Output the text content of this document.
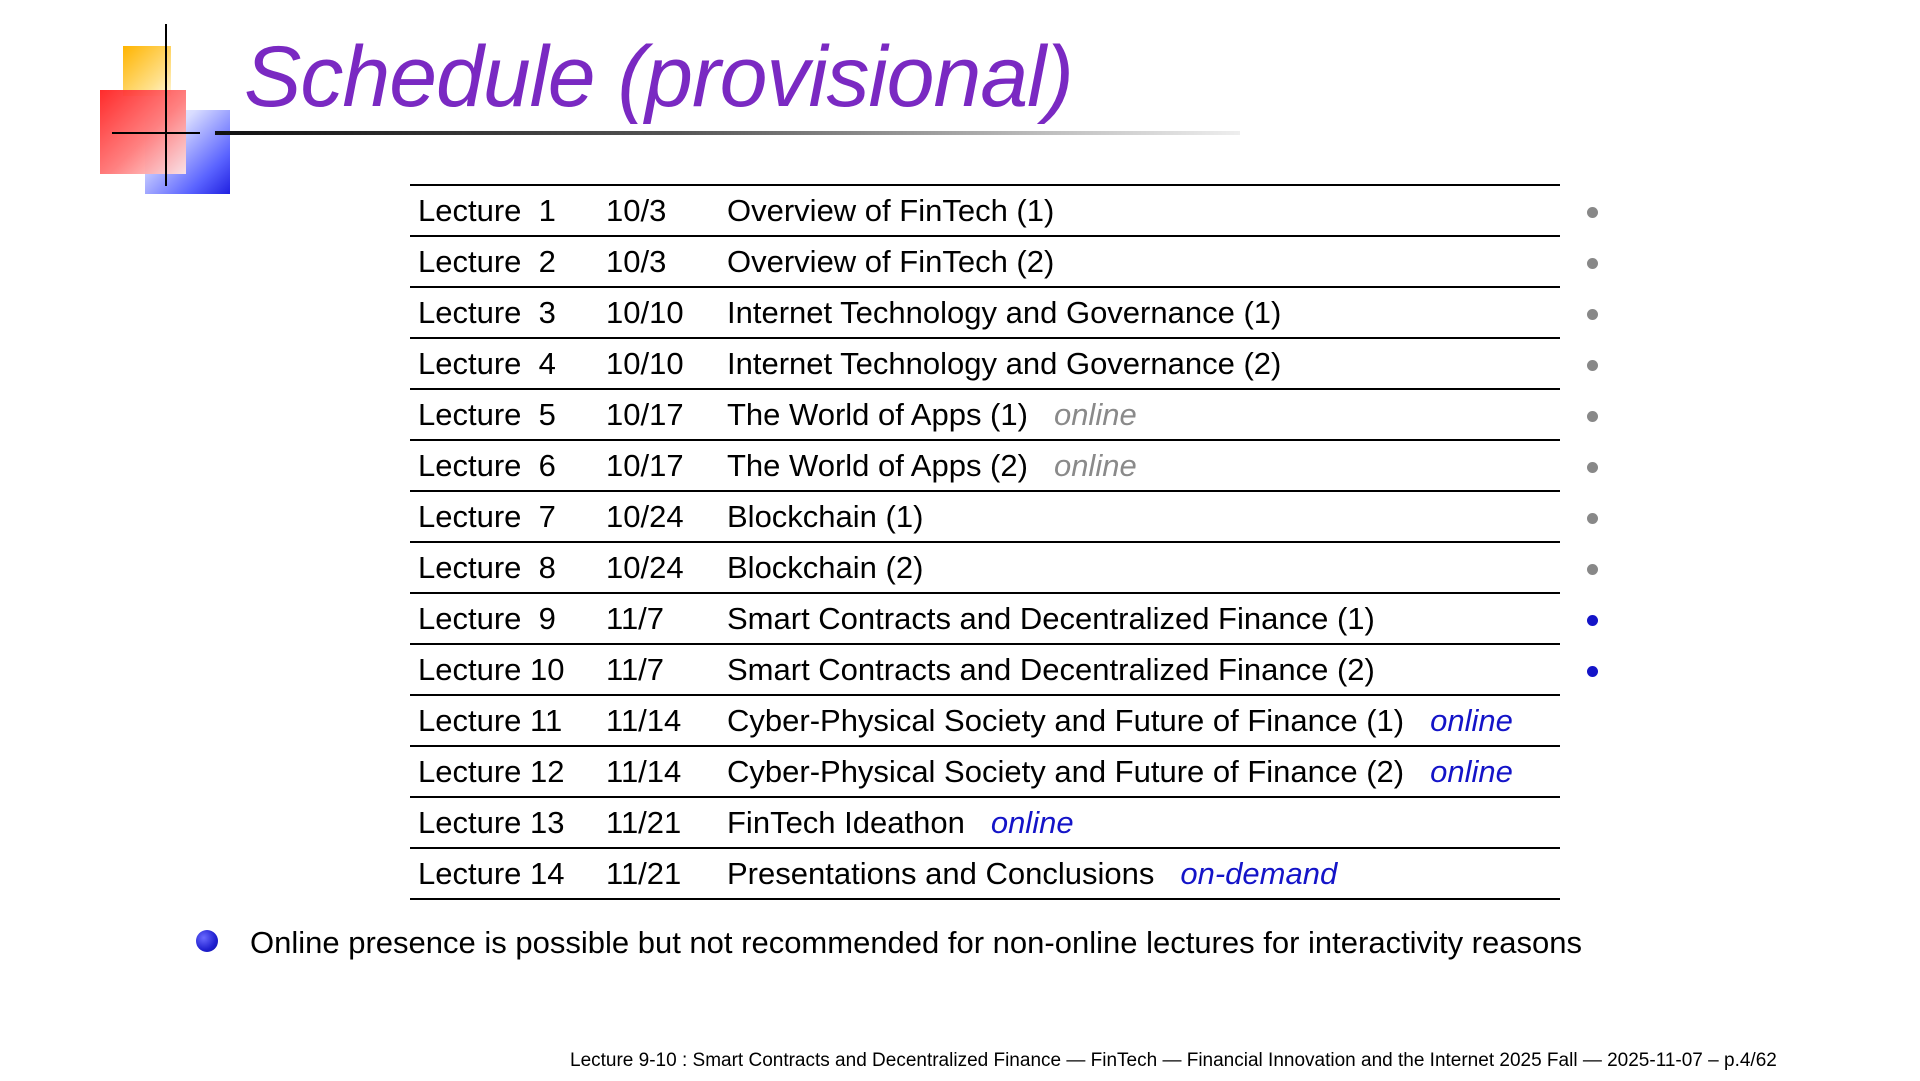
Schedule (provisional)
Lecture  1 10/3 Overview of FinTech (1)
Lecture  2 10/3 Overview of FinTech (2)
Lecture  3 10/10 Internet Technology and Governance (1)
Lecture  4 10/10 Internet Technology and Governance (2)
Lecture  5 10/17 The World of Apps (1) online
Lecture  6 10/17 The World of Apps (2) online
Lecture  7 10/24 Blockchain (1)
Lecture  8 10/24 Blockchain (2)
Lecture  9 11/7 Smart Contracts and Decentralized Finance (1)
Lecture 10 11/7 Smart Contracts and Decentralized Finance (2)
Lecture 11 11/14 Cyber-Physical Society and Future of Finance (1) online
Lecture 12 11/14 Cyber-Physical Society and Future of Finance (2) online
Lecture 13 11/21 FinTech Ideathon online
Lecture 14 11/21 Presentations and Conclusions on-demand
Online presence is possible but not recommended for non-online lectures for interactivity reasons
Lecture 9-10 : Smart Contracts and Decentralized Finance — FinTech — Financial Innovation and the Internet 2025 Fall — 2025-11-07 – p.4/62
